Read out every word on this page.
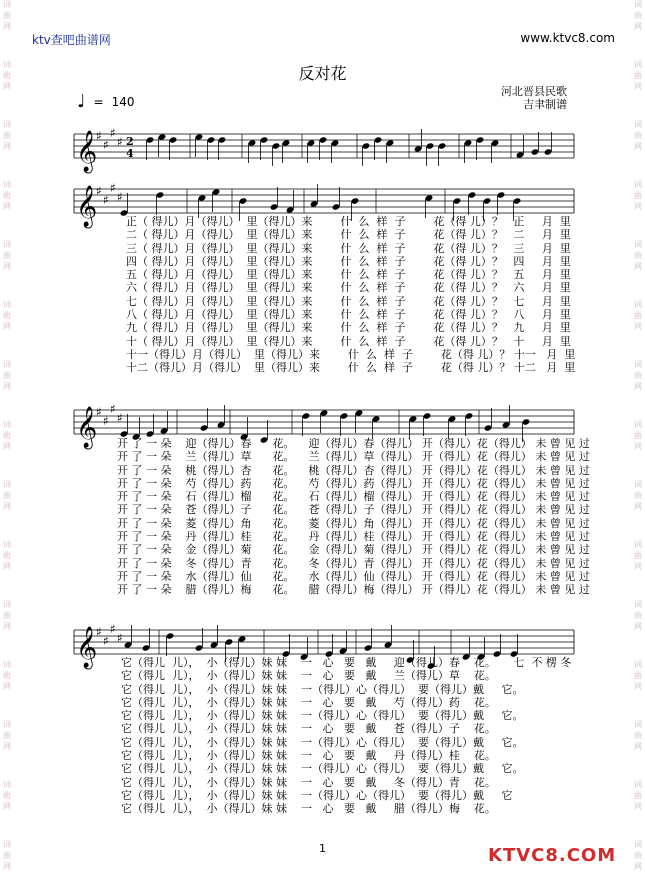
词
曲
网
词
曲
网
词
曲
网
词
曲
网
词
曲
网
词
曲
网
词
曲
网
词
曲
网
词
曲
网
词
曲
网
词
曲
网
词
曲
网
词
曲
网
词
曲
网
词
曲
网
词
曲
网
词
曲
网
词
曲
网
词
曲
网
词
曲
网
词
曲
网
词
曲
网
词
曲
网
词
曲
网
词
曲
网
词
曲
网
词
曲
网
词
曲
网
词
曲
网
词
曲
网
ktv查吧曲谱网	www.ktvc8.com
反对花
河北晋县民歌
吉聿制谱
♩ = 140
𝄞
♯
♯
♯
♯ 2
4
𝄞
♯
♯
♯
♯
𝄞
♯
♯
♯
♯
𝄞
♯
♯
♯
♯
正（ 得儿）月（得儿）  里（得儿）来        什  么  样  子        花（得 儿）？   正     月  里
二（ 得儿）月（得儿）  里（得儿）来        什  么  样  子        花（得 儿）？   二     月  里
三（ 得儿）月（得儿）  里（得儿）来        什  么  样  子        花（得 儿）？   三     月  里
四（ 得儿）月（得儿）  里（得儿）来        什  么  样  子        花（得 儿）？   四     月  里
五（ 得儿）月（得儿）  里（得儿）来        什  么  样  子        花（得 儿）？   五     月  里
六（ 得儿）月（得儿）  里（得儿）来        什  么  样  子        花（得 儿）？   六     月  里
七（ 得儿）月（得儿）  里（得儿）来        什  么  样  子        花（得 儿）？   七     月  里
八（ 得儿）月（得儿）  里（得儿）来        什  么  样  子        花（得 儿）？   八     月  里
九（ 得儿）月（得儿）  里（得儿）来        什  么  样  子        花（得 儿）？   九     月  里
十（ 得儿）月（得儿）  里（得儿）来        什  么  样  子        花（得 儿）？   十     月  里
十一（得儿）月（得儿）  里（得儿）来        什  么  样  子        花（得 儿）？ 十一   月  里
十二（得儿）月（得儿）  里（得儿）来        什  么  样  子        花（得 儿）？ 十二   月  里
开 了 一 朵    迎（得儿）春      花。    迎（得儿）春（得儿） 开（得儿）花（得儿） 未 曾 见 过
开 了 一 朵    兰（得儿）草      花。    兰（得儿）草（得儿） 开（得儿）花（得儿） 未 曾 见 过
开 了 一 朵    桃（得儿）杏      花。    桃（得儿）杏（得儿） 开（得儿）花（得儿） 未 曾 见 过
开 了 一 朵    芍（得儿）药      花。    芍（得儿）药（得儿） 开（得儿）花（得儿） 未 曾 见 过
开 了 一 朵    石（得儿）榴      花。    石（得儿）榴（得儿） 开（得儿）花（得儿） 未 曾 见 过
开 了 一 朵    苍（得儿）子      花。    苍（得儿）子（得儿） 开（得儿）花（得儿） 未 曾 见 过
开 了 一 朵    菱（得儿）角      花。    菱（得儿）角（得儿） 开（得儿）花（得儿） 未 曾 见 过
开 了 一 朵    丹（得儿）桂      花。    丹（得儿）桂（得儿） 开（得儿）花（得儿） 未 曾 见 过
开 了 一 朵    金（得儿）菊      花。    金（得儿）菊（得儿） 开（得儿）花（得儿） 未 曾 见 过
开 了 一 朵    冬（得儿）青      花。    冬（得儿）青（得儿） 开（得儿）花（得儿） 未 曾 见 过
开 了 一 朵    水（得儿）仙      花。    水（得儿）仙（得儿） 开（得儿）花（得儿） 未 曾 见 过
开 了 一 朵    腊（得儿）梅      花。    腊（得儿）梅（得儿） 开（得儿）花（得儿） 未 曾 见 过
它（得儿  儿），  小（得儿）妹 妹    一   心   要   戴     迎（得儿）春    花。     七  不 楞 冬
它（得儿  儿），  小（得儿）妹 妹    一   心   要   戴     兰（得儿）草    花。
它（得儿  儿），  小（得儿）妹 妹    一（得儿）心（得儿）  要（得儿）戴     它。
它（得儿  儿），  小（得儿）妹 妹    一   心   要   戴     芍（得儿）药    花。
它（得儿  儿），  小（得儿）妹 妹    一（得儿）心（得儿）  要（得儿）戴     它。
它（得儿  儿），  小（得儿）妹 妹    一   心   要   戴     苍（得儿）子    花。
它（得儿  儿），  小（得儿）妹 妹    一（得儿）心（得儿）  要（得儿）戴     它。
它（得儿  儿），  小（得儿）妹 妹    一   心   要   戴     丹（得儿）桂    花。
它（得儿  儿），  小（得儿）妹 妹    一（得儿）心（得儿）  要（得儿）戴     它。
它（得儿  儿），  小（得儿）妹 妹    一   心   要   戴     冬（得儿）青    花。
它（得儿  儿），  小（得儿）妹 妹    一（得儿）心（得儿）  要（得儿）戴     它
它（得儿  儿），  小（得儿）妹 妹    一   心   要   戴     腊（得儿）梅    花。
1	KTVC8.COM
